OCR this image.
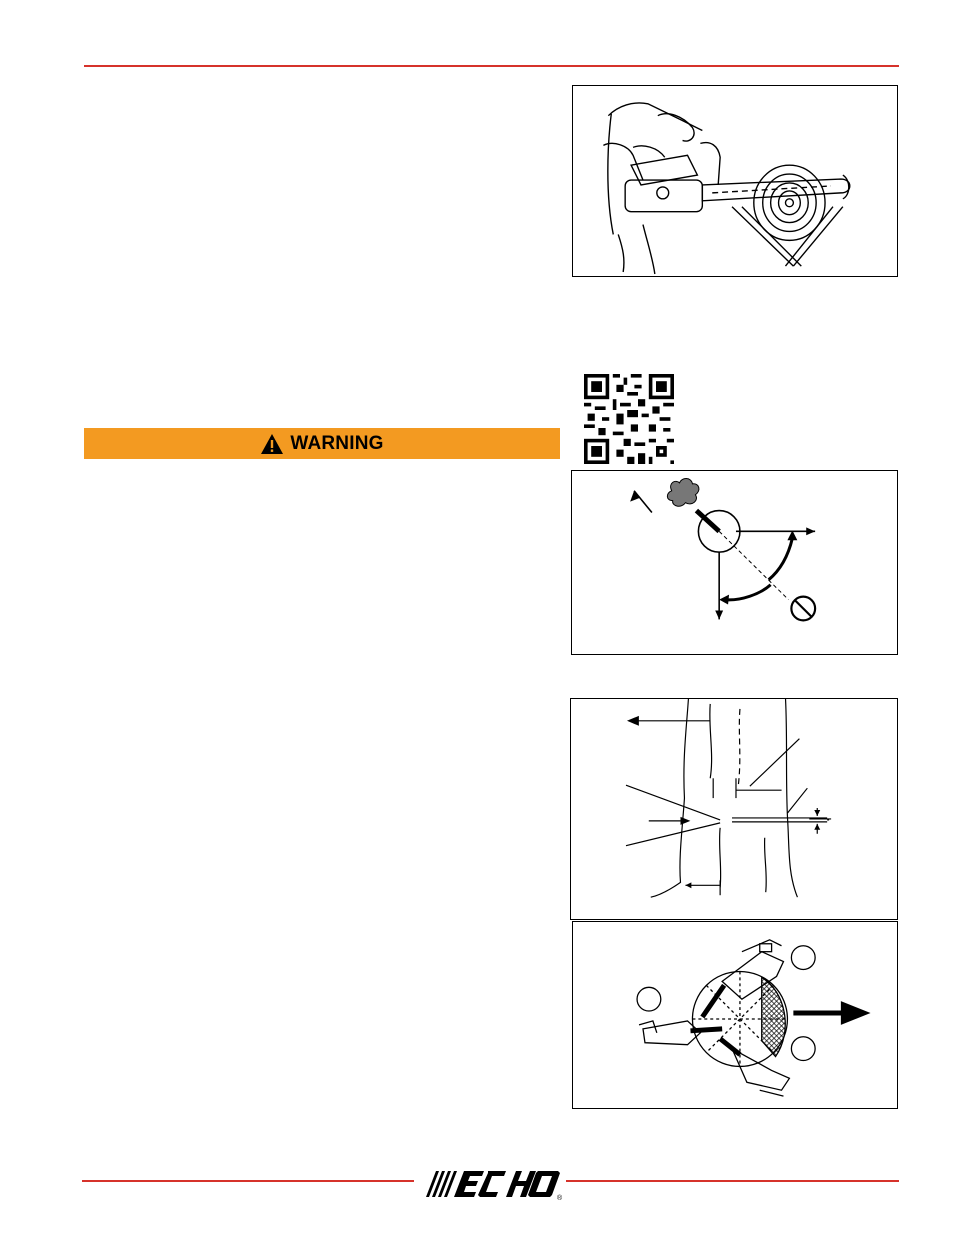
WARNING
®
